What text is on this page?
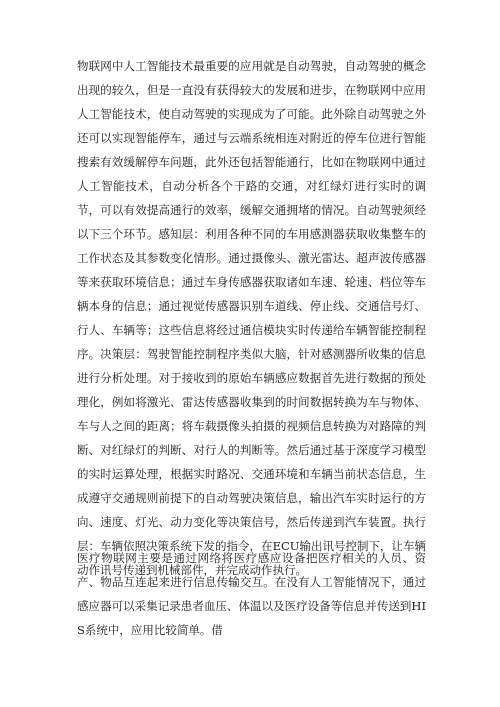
物联网中人工智能技术最重要的应用就是自动驾驶，自动驾驶的概念出现的较久，但是一直没有获得较大的发展和进步，在物联网中应用人工智能技术，使自动驾驶的实现成为了可能。此外除自动驾驶之外还可以实现智能停车，通过与云端系统相连对附近的停车位进行智能搜索有效缓解停车问题，此外还包括智能通行，比如在物联网中通过人工智能技术，自动分析各个干路的交通，对红绿灯进行实时的调节，可以有效提高通行的效率，缓解交通拥堵的情况。自动驾驶须经以下三个环节。感知层：利用各种不同的车用感测器获取收集整车的工作状态及其参数变化情形。通过摄像头、激光雷达、超声波传感器等来获取环境信息；通过车身传感器获取诸如车速、轮速、档位等车辆本身的信息；通过视觉传感器识别车道线、停止线、交通信号灯、行人、车辆等；这些信息将经过通信模块实时传递给车辆智能控制程序。决策层：驾驶智能控制程序类似大脑，针对感测器所收集的信息进行分析处理。对于接收到的原始车辆感应数据首先进行数据的预处理化，例如将激光、雷达传感器收集到的时间数据转换为车与物体、车与人之间的距离；将车载摄像头拍摄的视频信息转换为对路障的判断、对红绿灯的判断、对行人的判断等。然后通过基于深度学习模型的实时运算处理，根据实时路况、交通环境和车辆当前状态信息，生成遵守交通规则前提下的自动驾驶决策信息，输出汽车实时运行的方向、速度、灯光、动力变化等决策信号，然后传递到汽车装置。执行层：车辆依照决策系统下发的指令，在ECU输出讯号控制下，让车辆动作讯号传递到机械部件，并完成动作执行。

医疗物联网主要是通过网络将医疗感应设备把医疗相关的人员、资产、物品互连起来进行信息传输交互。在没有人工智能情况下，通过感应器可以采集记录患者血压、体温以及医疗设备等信息并传送到HIS系统中，应用比较简单。借
